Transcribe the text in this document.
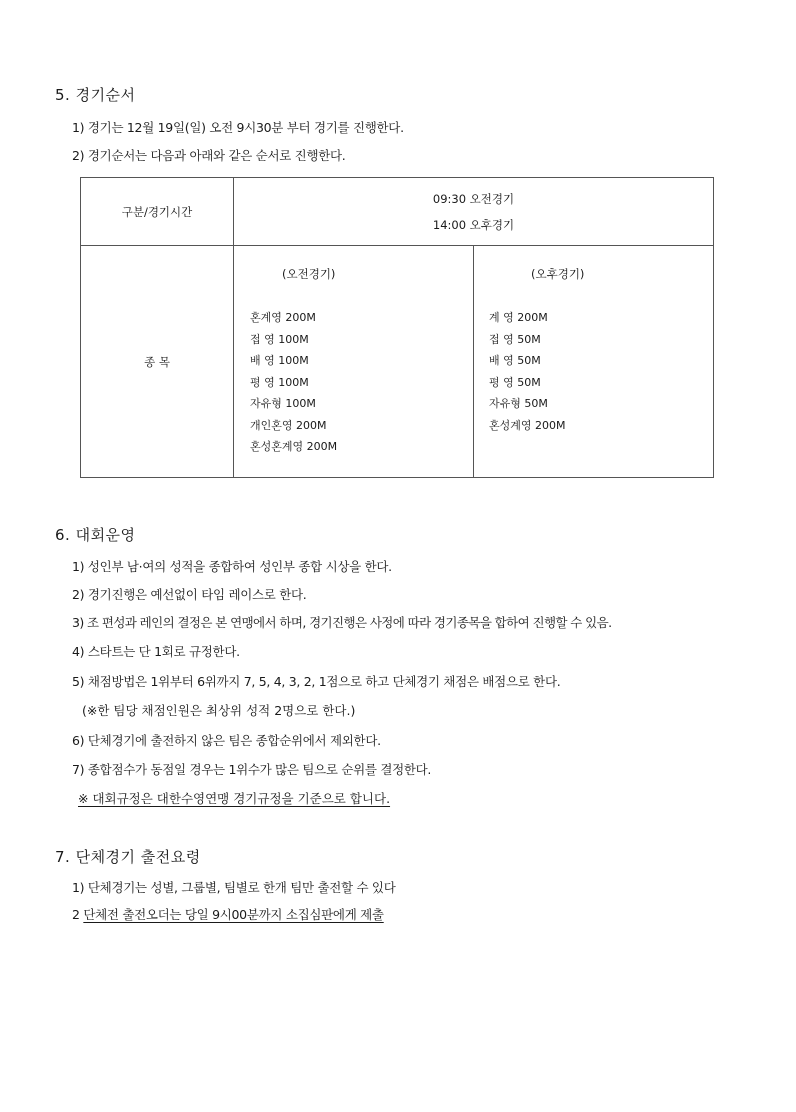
5. 경기순서
1) 경기는 12월 19일(일) 오전 9시30분 부터 경기를 진행한다.
2) 경기순서는 다음과 아래와 같은 순서로 진행한다.
구분/경기시간
09:30 오전경기
14:00 오후경기
종 목
(오전경기)
혼계영 200M
접 영 100M
배 영 100M
평 영 100M
자유형 100M
개인혼영 200M
혼성혼계영 200M
(오후경기)
계 영 200M
접 영 50M
배 영 50M
평 영 50M
자유형 50M
혼성계영 200M
6. 대회운영
1) 성인부 남·여의 성적을 종합하여 성인부 종합 시상을 한다.
2) 경기진행은 예선없이 타임 레이스로 한다.
3) 조 편성과 레인의 결정은 본 연맹에서 하며, 경기진행은 사정에 따라 경기종목을 합하여 진행할 수 있음.
4) 스타트는 단 1회로 규정한다.
5) 채점방법은 1위부터 6위까지 7, 5, 4, 3, 2, 1점으로 하고 단체경기 채점은 배점으로 한다.
(※한 팀당 채점인원은 최상위 성적 2명으로 한다.)
6) 단체경기에 출전하지 않은 팀은 종합순위에서 제외한다.
7) 종합점수가 동점일 경우는 1위수가 많은 팀으로 순위를 결정한다.
※ 대회규정은 대한수영연맹 경기규정을 기준으로 합니다.
7. 단체경기 출전요령
1) 단체경기는 성별, 그룹별, 팀별로 한개 팀만 출전할 수 있다
2 단체전 출전오더는 당일 9시00분까지 소집심판에게 제출
